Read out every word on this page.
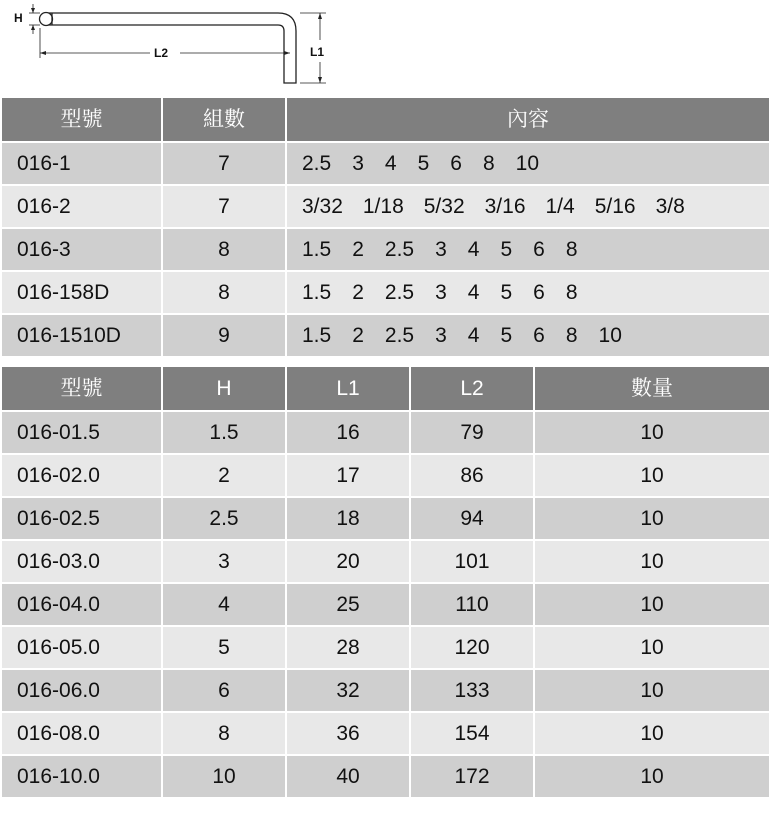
H
L2	L1
型號	組數	內容
016-1	7	2.5 3 4 5 6 8 10
016-2	7	3/32 1/18 5/32 3/16 1/4 5/16 3/8
016-3	8	1.5 2 2.5 3 4 5 6 8
016-158D	8	1.5 2 2.5 3 4 5 6 8
016-1510D	9	1.5 2 2.5 3 4 5 6 8 10
型號	H	L1	L2	數量
016-01.5	1.5	16	79	10
016-02.0	2	17	86	10
016-02.5	2.5	18	94	10
016-03.0	3	20	101	10
016-04.0	4	25	110	10
016-05.0	5	28	120	10
016-06.0	6	32	133	10
016-08.0	8	36	154	10
016-10.0	10	40	172	10
